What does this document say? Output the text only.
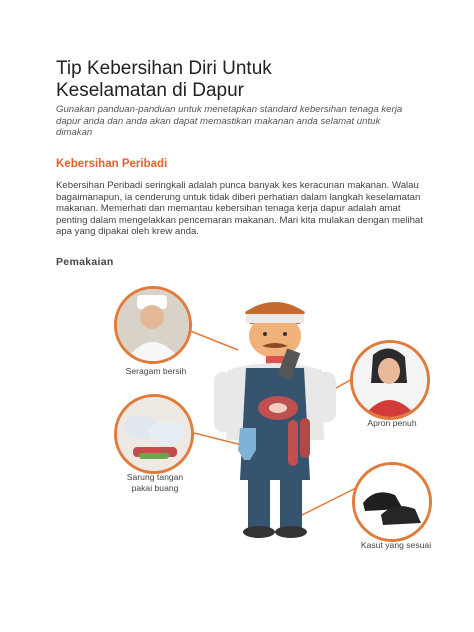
Tip Kebersihan Diri Untuk
Keselamatan di Dapur

Gunakan panduan-panduan untuk menetapkan standard kebersihan tenaga kerja dapur anda dan anda akan dapat memastikan makanan anda selamat untuk dimakan

Kebersihan Peribadi

Kebersihan Peribadi seringkali adalah punca banyak kes keracunan makanan. Walau bagaimanapun, ia cenderung untuk tidak diberi perhatian dalam langkah keselamatan makanan. Memerhati dan memantau kebersihan tenaga kerja dapur adalah amat penting dalam mengelakkan pencemaran makanan. Mari kita mulakan dengan melihat apa yang dipakai oleh krew anda.

Pemakaian

Seragam bersih

Sarung tangan
pakai buang

Apron penuh

Kasut yang sesuai
